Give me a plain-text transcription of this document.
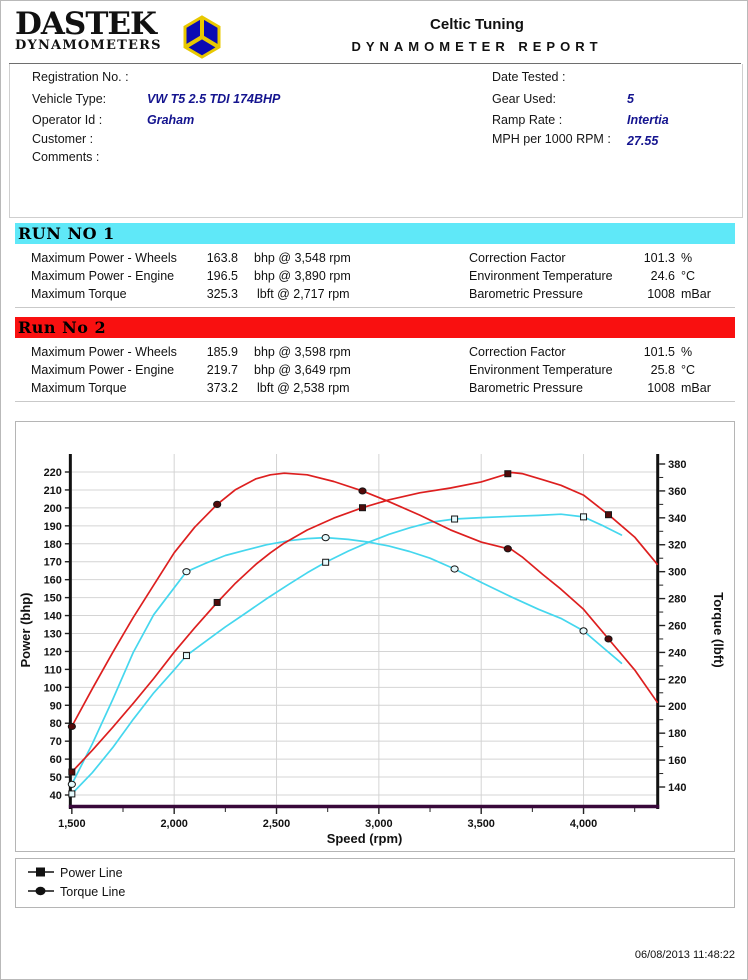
DASTEK
DYNAMOMETERS
Celtic Tuning
DYNAMOMETER REPORT
Registration No. :
Vehicle Type:	VW T5 2.5 TDI 174BHP
Operator Id :	Graham
Customer :
Comments :
Date Tested :
Gear Used:	5
Ramp Rate :	Intertia
MPH per 1000 RPM : 27.55
RUN NO 1
Maximum Power - Wheels	163.8 bhp @ 3,548 rpm
Maximum Power - Engine	196.5 bhp @ 3,890 rpm
Maximum Torque	325.3 lbft @ 2,717 rpm
Correction Factor	101.3 %
Environment Temperature	24.6 °C
Barometric Pressure	1008 mBar
Run No 2
Maximum Power - Wheels	185.9 bhp @ 3,598 rpm
Maximum Power - Engine	219.7 bhp @ 3,649 rpm
Maximum Torque	373.2 lbft @ 2,538 rpm
Correction Factor	101.5 %
Environment Temperature	25.8 °C
Barometric Pressure	1008 mBar
1,500	2,000	2,500	3,000	3,500	4,000
40
50
60
70
80
90
100
110
120
130
140
150
160
170
180
190
200
210
220
140
160
180
200
220
240
260
280
300
320
340
360
380
Power (bhp)	Torque (lbft)
Speed (rpm)
Power Line
Torque Line
06/08/2013 11:48:22
